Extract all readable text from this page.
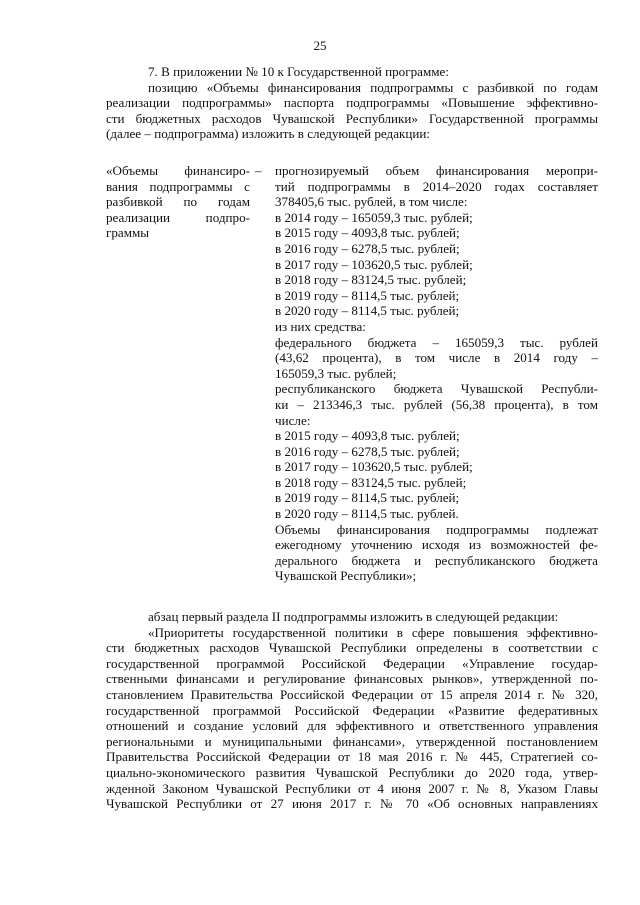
25
7. В приложении № 10 к Государственной программе:
позицию «Объемы финансирования подпрограммы с разбивкой по годам
реализации подпрограммы» паспорта подпрограммы «Повышение эффективно-
сти бюджетных расходов Чувашской Республики» Государственной программы
(далее – подпрограмма) изложить в следующей редакции:
«Объемы финансиро-
вания подпрограммы с
разбивкой по годам
реализации подпро-
граммы
– прогнозируемый объем финансирования меропри-
тий подпрограммы в 2014–2020 годах составляет
378405,6 тыс. рублей, в том числе:
в 2014 году – 165059,3 тыс. рублей;
в 2015 году – 4093,8 тыс. рублей;
в 2016 году – 6278,5 тыс. рублей;
в 2017 году – 103620,5 тыс. рублей;
в 2018 году – 83124,5 тыс. рублей;
в 2019 году – 8114,5 тыс. рублей;
в 2020 году – 8114,5 тыс. рублей;
из них средства:
федерального бюджета – 165059,3 тыс. рублей
(43,62 процента), в том числе в 2014 году –
165059,3 тыс. рублей;
республиканского бюджета Чувашской Республи-
ки – 213346,3 тыс. рублей (56,38 процента), в том
числе:
в 2015 году – 4093,8 тыс. рублей;
в 2016 году – 6278,5 тыс. рублей;
в 2017 году – 103620,5 тыс. рублей;
в 2018 году – 83124,5 тыс. рублей;
в 2019 году – 8114,5 тыс. рублей;
в 2020 году – 8114,5 тыс. рублей.
Объемы финансирования подпрограммы подлежат
ежегодному уточнению исходя из возможностей фе-
дерального бюджета и республиканского бюджета
Чувашской Республики»;
абзац первый раздела II подпрограммы изложить в следующей редакции:
«Приоритеты государственной политики в сфере повышения эффективно-
сти бюджетных расходов Чувашской Республики определены в соответствии с
государственной программой Российской Федерации «Управление государ-
ственными финансами и регулирование финансовых рынков», утвержденной по-
становлением Правительства Российской Федерации от 15 апреля 2014 г. № 320,
государственной программой Российской Федерации «Развитие федеративных
отношений и создание условий для эффективного и ответственного управления
региональными и муниципальными финансами», утвержденной постановлением
Правительства Российской Федерации от 18 мая 2016 г. № 445, Стратегией со-
циально-экономического развития Чувашской Республики до 2020 года, утвер-
жденной Законом Чувашской Республики от 4 июня 2007 г. № 8, Указом Главы
Чувашской Республики от 27 июня 2017 г. № 70 «Об основных направлениях
